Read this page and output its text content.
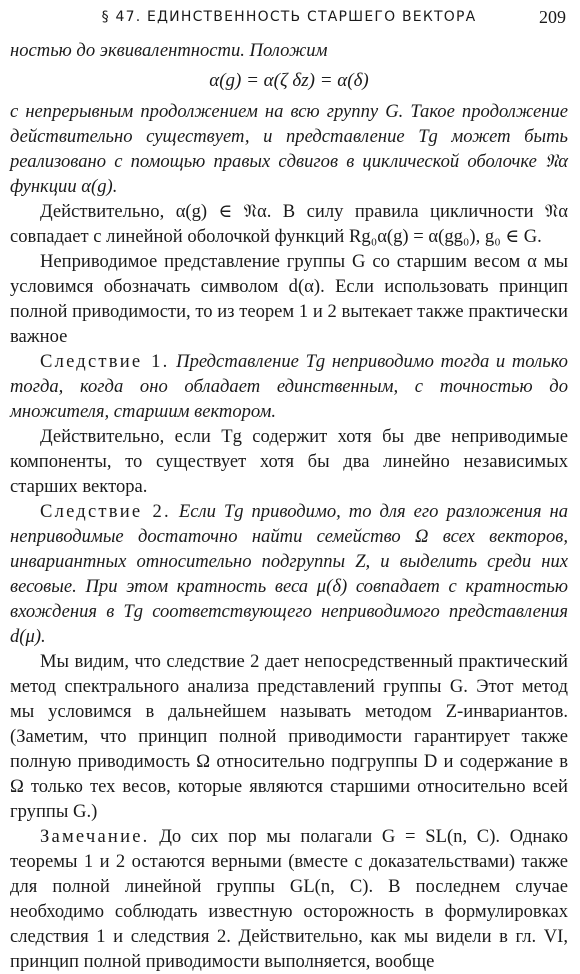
§ 47. ЕДИНСТВЕННОСТЬ СТАРШЕГО ВЕКТОРА	209

ностью до эквивалентности. Положим

α(g) = α(ζ δz) = α(δ)

с непрерывным продолжением на всю группу G. Такое продолжение действительно существует, и представление Tg может быть реализовано с помощью правых сдвигов в циклической оболочке 𝔑α функции α(g).

Действительно, α(g) ∈ 𝔑α. В силу правила цикличности 𝔑α совпадает с линейной оболочкой функций Rg₀α(g) = α(gg₀), g₀ ∈ G.

Неприводимое представление группы G со старшим весом α мы условимся обозначать символом d(α). Если использовать принцип полной приводимости, то из теорем 1 и 2 вытекает также практически важное

Следствие 1. Представление Tg неприводимо тогда и только тогда, когда оно обладает единственным, с точностью до множителя, старшим вектором.

Действительно, если Tg содержит хотя бы две неприводимые компоненты, то существует хотя бы два линейно независимых старших вектора.

Следствие 2. Если Tg приводимо, то для его разложения на неприводимые достаточно найти семейство Ω всех векторов, инвариантных относительно подгруппы Z, и выделить среди них весовые. При этом кратность веса μ(δ) совпадает с кратностью вхождения в Tg соответствующего неприводимого представления d(μ).

Мы видим, что следствие 2 дает непосредственный практический метод спектрального анализа представлений группы G. Этот метод мы условимся в дальнейшем называть методом Z-инвариантов. (Заметим, что принцип полной приводимости гарантирует также полную приводимость Ω относительно подгруппы D и содержание в Ω только тех весов, которые являются старшими относительно всей группы G.)

Замечание. До сих пор мы полагали G = SL(n, C). Однако теоремы 1 и 2 остаются верными (вместе с доказательствами) также для полной линейной группы GL(n, C). В последнем случае необходимо соблюдать известную осторожность в формулировках следствия 1 и следствия 2. Действительно, как мы видели в гл. VI, принцип полной приводимости выполняется, вообще
